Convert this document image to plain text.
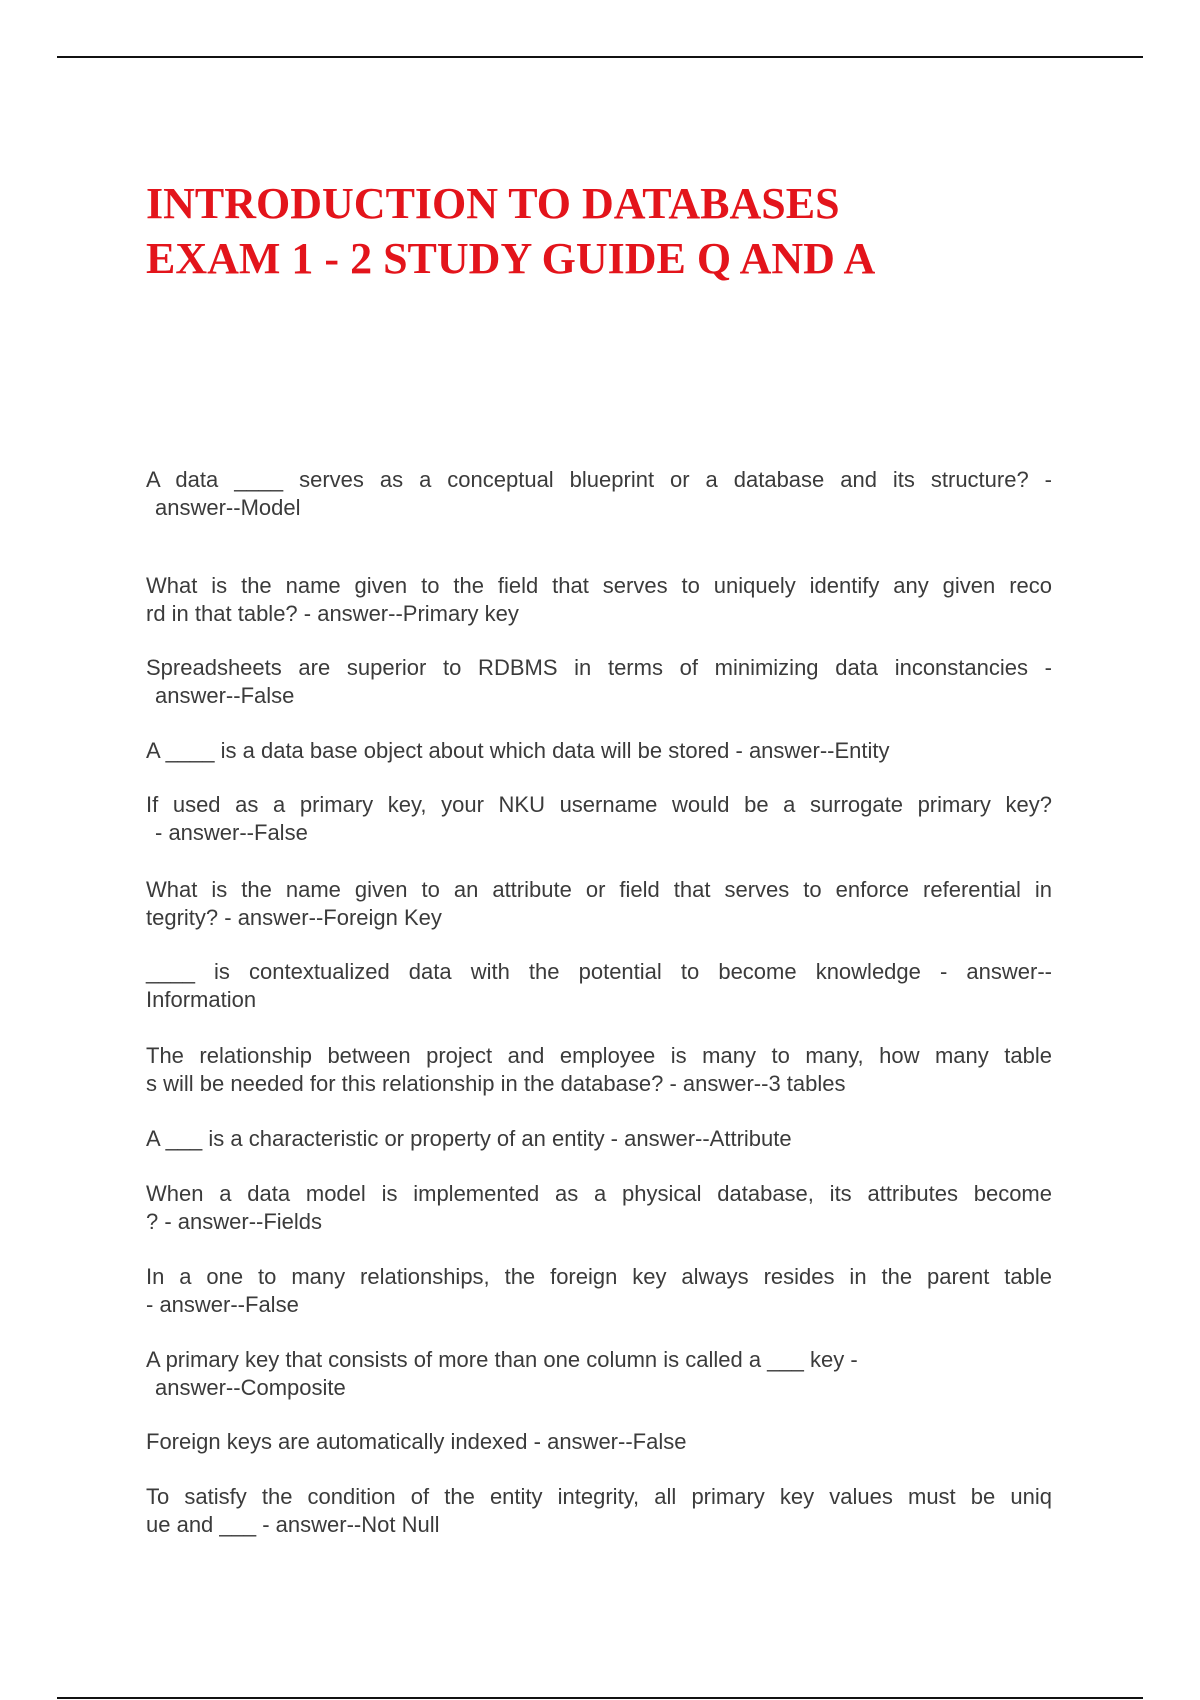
INTRODUCTION TO DATABASES
EXAM 1 - 2 STUDY GUIDE Q AND A
A data ____ serves as a conceptual blueprint or a database and its structure? -
answer--Model
What is the name given to the field that serves to uniquely identify any given reco
rd in that table? - answer--Primary key
Spreadsheets are superior to RDBMS in terms of minimizing data inconstancies -
answer--False
A ____ is a data base object about which data will be stored - answer--Entity
If used as a primary key, your NKU username would be a surrogate primary key?
- answer--False
What is the name given to an attribute or field that serves to enforce referential in
tegrity? - answer--Foreign Key
____ is contextualized data with the potential to become knowledge - answer--
Information
The relationship between project and employee is many to many, how many table
s will be needed for this relationship in the database? - answer--3 tables
A ___ is a characteristic or property of an entity - answer--Attribute
When a data model is implemented as a physical database, its attributes become
? - answer--Fields
In a one to many relationships, the foreign key always resides in the parent table
- answer--False
A primary key that consists of more than one column is called a ___ key -
answer--Composite
Foreign keys are automatically indexed - answer--False
To satisfy the condition of the entity integrity, all primary key values must be uniq
ue and ___ - answer--Not Null
